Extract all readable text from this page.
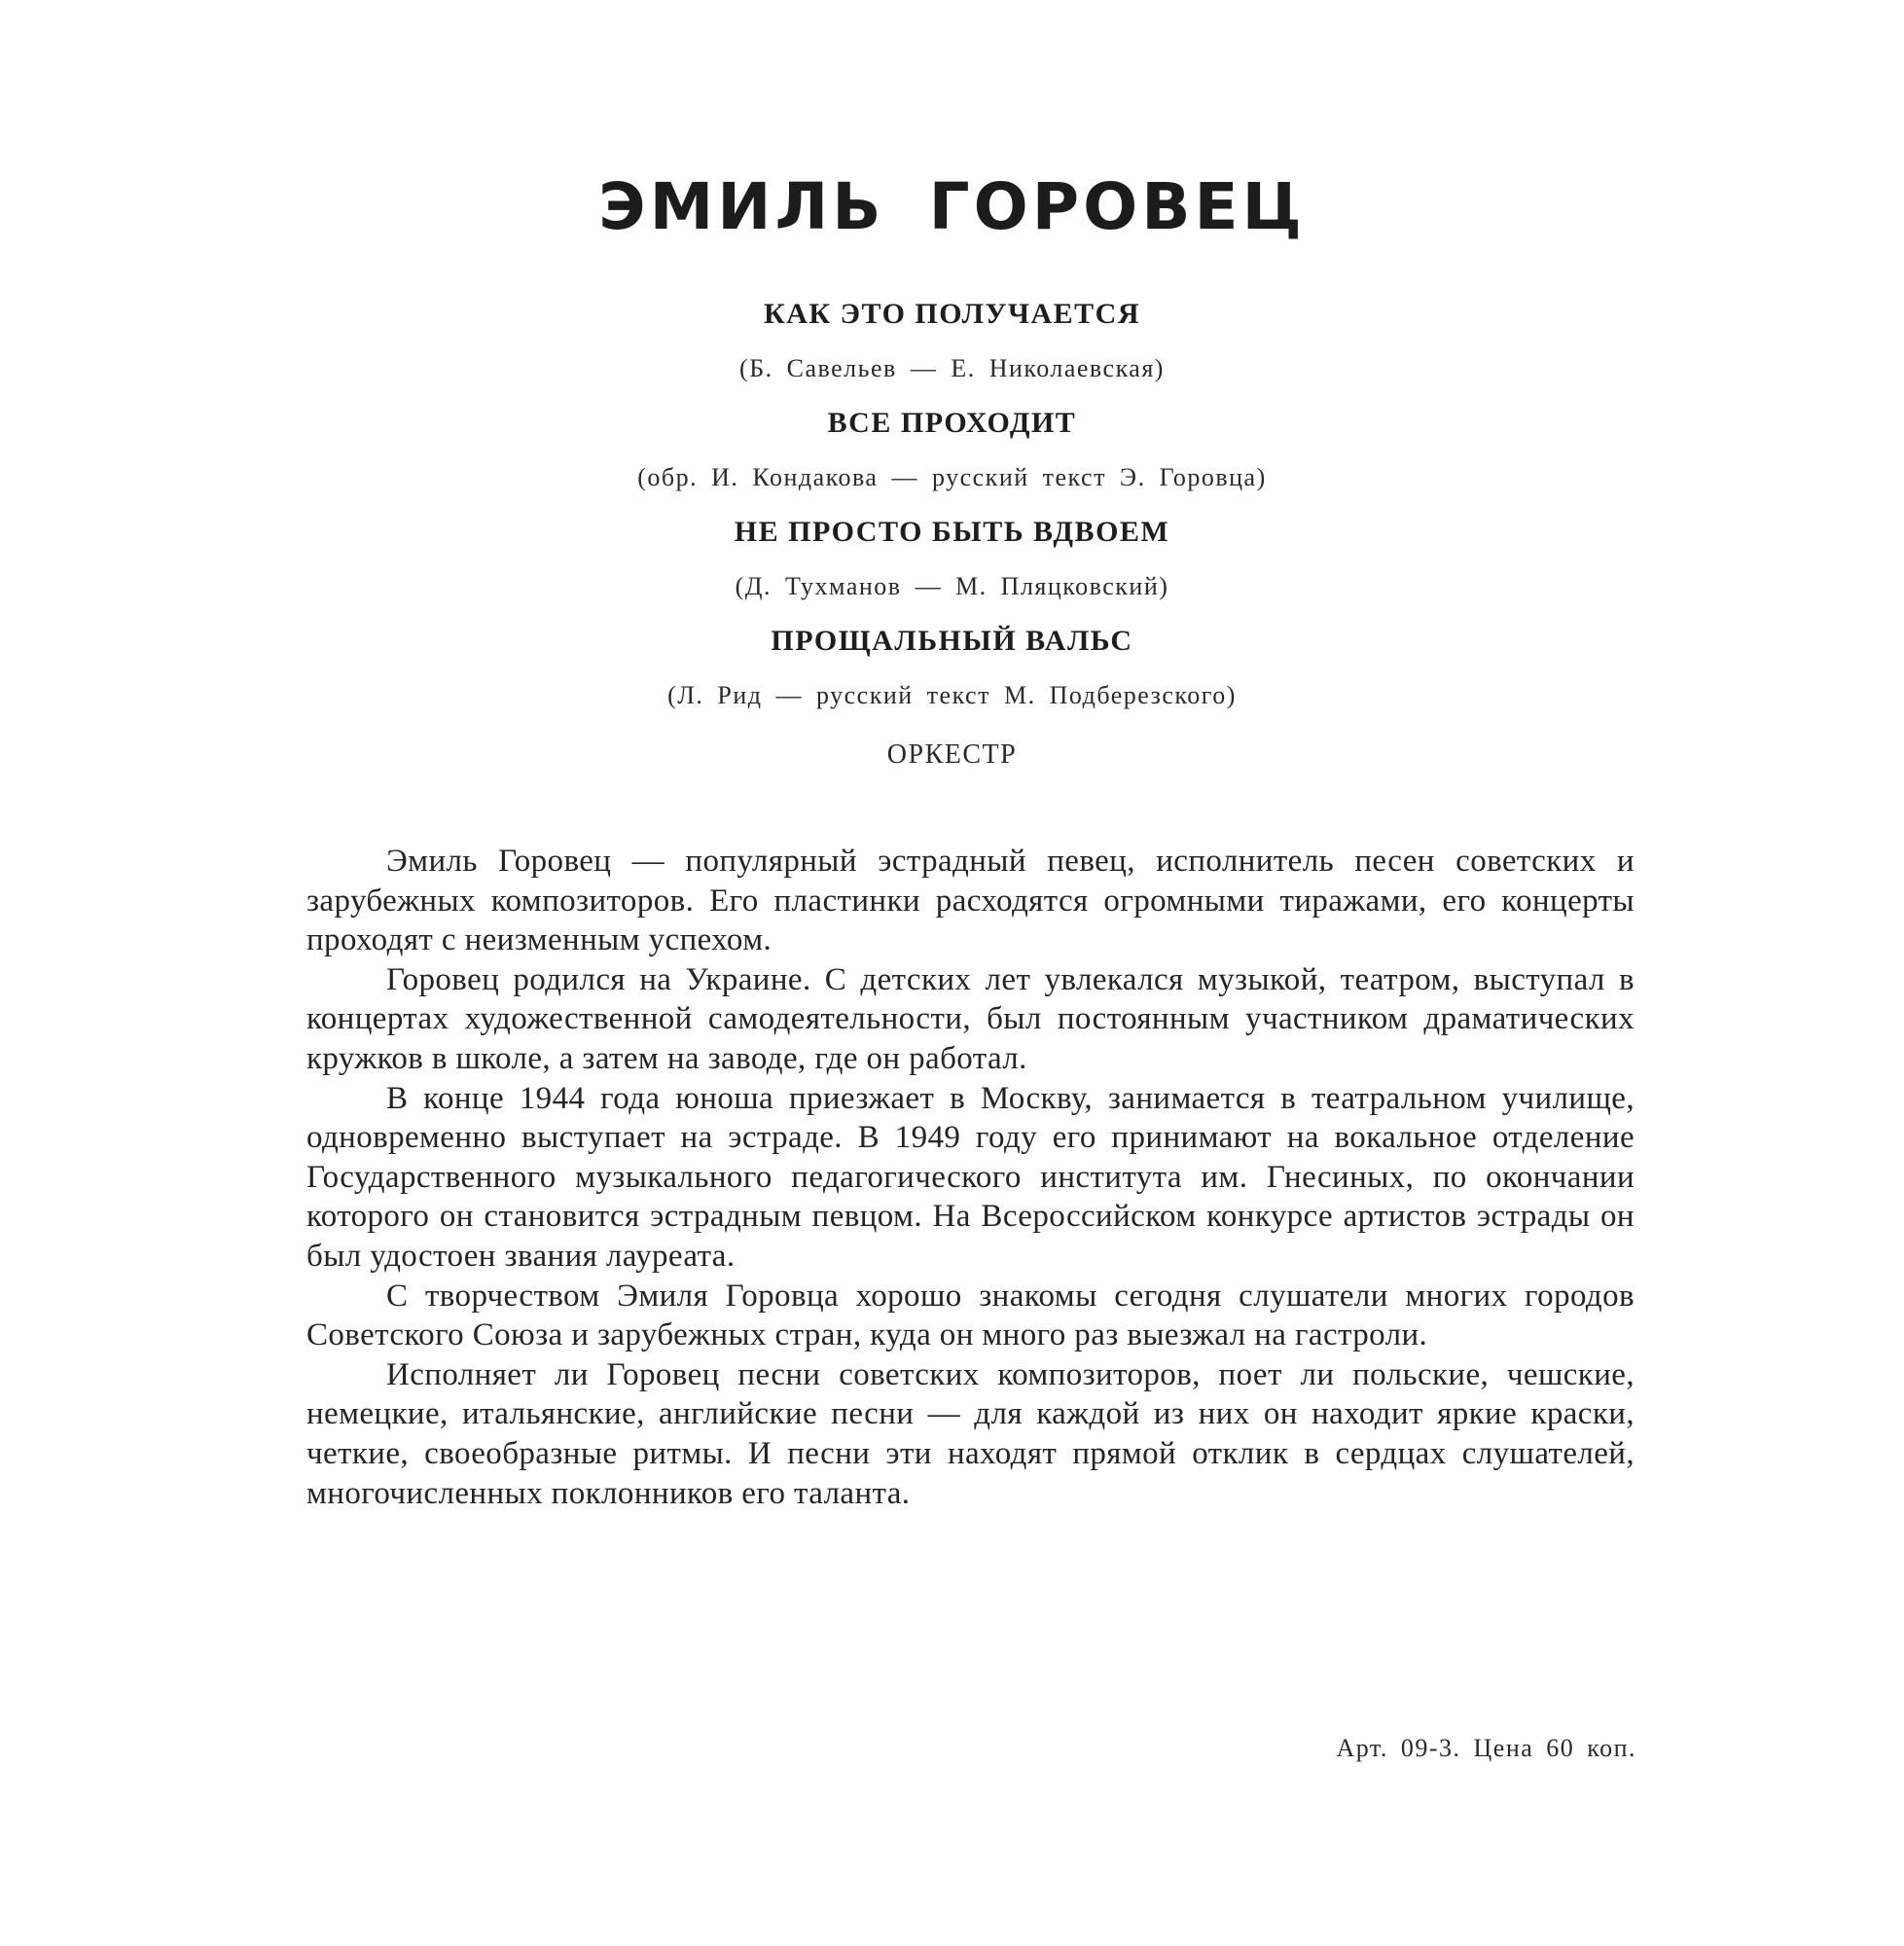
ЭМИЛЬ ГОРОВЕЦ
КАК ЭТО ПОЛУЧАЕТСЯ
(Б. Савельев — Е. Николаевская)
ВСЕ ПРОХОДИТ
(обр. И. Кондакова — русский текст Э. Горовца)
НЕ ПРОСТО БЫТЬ ВДВОЕМ
(Д. Тухманов — М. Пляцковский)
ПРОЩАЛЬНЫЙ ВАЛЬС
(Л. Рид — русский текст М. Подберезского)
ОРКЕСТР

Эмиль Горовец — популярный эстрадный певец, исполнитель песен советских и зарубежных композиторов. Его пластинки расходятся огромными тиражами, его концерты проходят с неизменным успехом.

Горовец родился на Украине. С детских лет увлекался музыкой, театром, выступал в концертах художественной самодеятельности, был постоянным участником драматических кружков в школе, а затем на заводе, где он работал.

В конце 1944 года юноша приезжает в Москву, занимается в театральном училище, одновременно выступает на эстраде. В 1949 году его принимают на вокальное отделение Государственного музыкального педагогического института им. Гнесиных, по окончании которого он становится эстрадным певцом. На Всероссийском конкурсе артистов эстрады он был удостоен звания лауреата.

С творчеством Эмиля Горовца хорошо знакомы сегодня слушатели многих городов Советского Союза и зарубежных стран, куда он много раз выезжал на гастроли.

Исполняет ли Горовец песни советских композиторов, поет ли польские, чешские, немецкие, итальянские, английские песни — для каждой из них он находит яркие краски, четкие, своеобразные ритмы. И песни эти находят прямой отклик в сердцах слушателей, многочисленных поклонников его таланта.

Арт. 09-3. Цена 60 коп.
